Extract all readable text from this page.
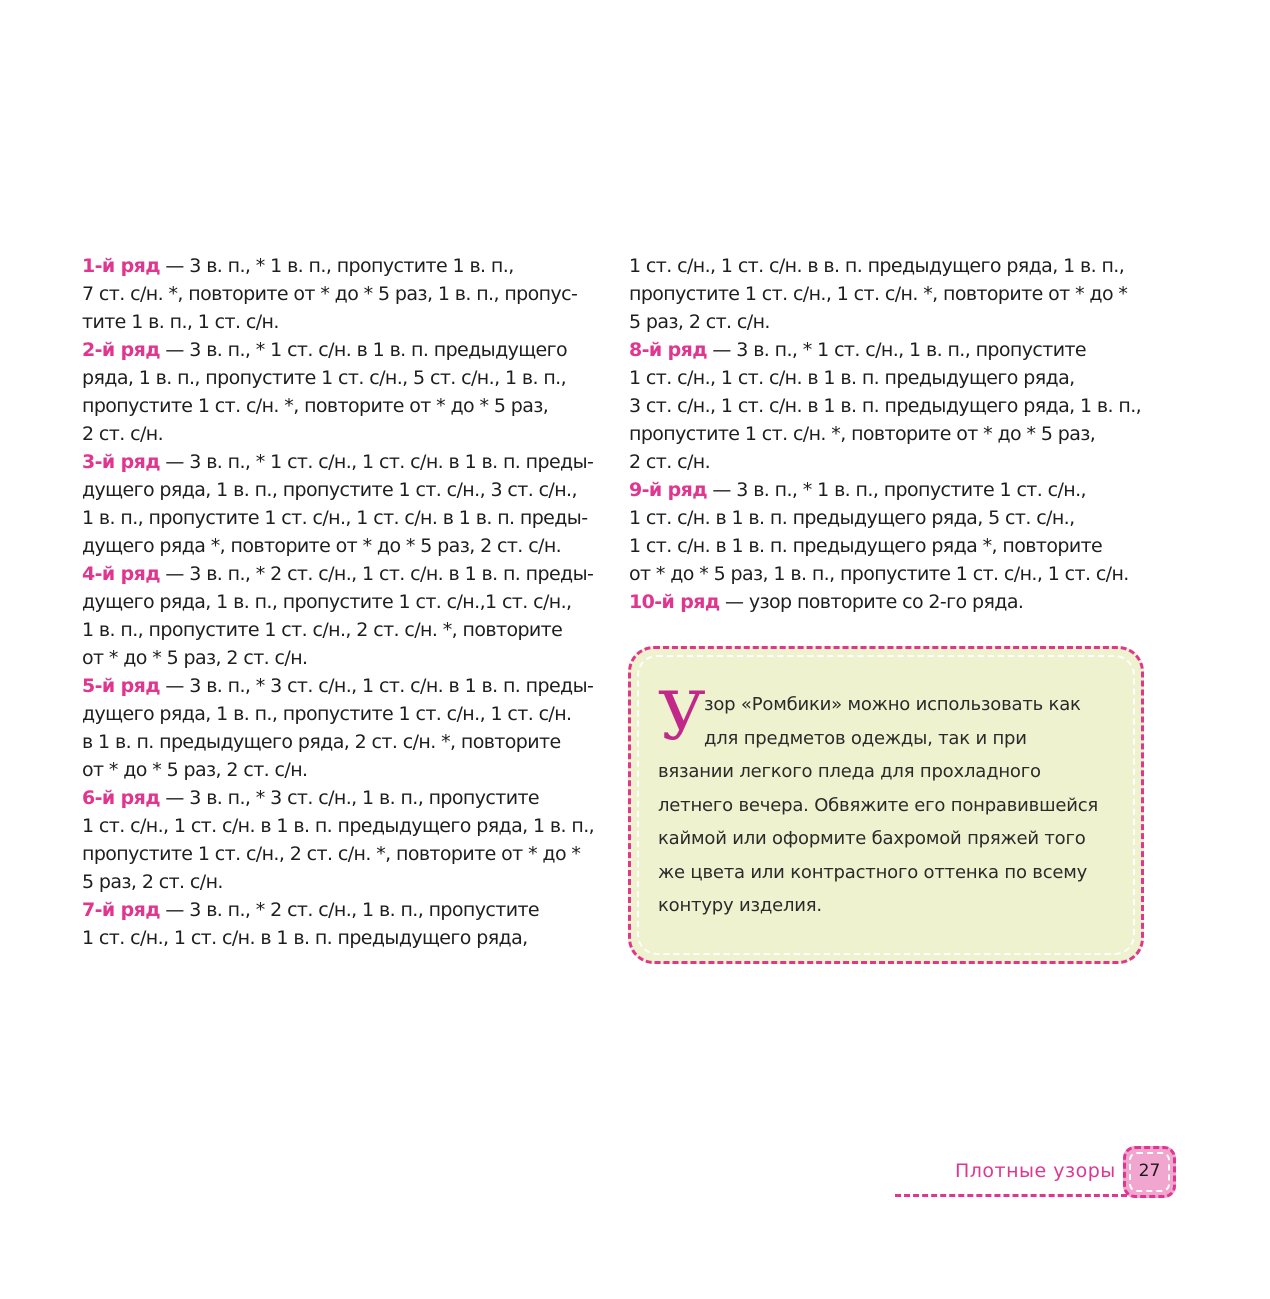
1-й ряд — 3 в. п., * 1 в. п., пропустите 1 в. п.,
7 ст. с/н. *, повторите от * до * 5 раз, 1 в. п., пропус-
тите 1 в. п., 1 ст. с/н.
2-й ряд — 3 в. п., * 1 ст. с/н. в 1 в. п. предыдущего
ряда, 1 в. п., пропустите 1 ст. с/н., 5 ст. с/н., 1 в. п.,
пропустите 1 ст. с/н. *, повторите от * до * 5 раз,
2 ст. с/н.
3-й ряд — 3 в. п., * 1 ст. с/н., 1 ст. с/н. в 1 в. п. преды-
дущего ряда, 1 в. п., пропустите 1 ст. с/н., 3 ст. с/н.,
1 в. п., пропустите 1 ст. с/н., 1 ст. с/н. в 1 в. п. преды-
дущего ряда *, повторите от * до * 5 раз, 2 ст. с/н.
4-й ряд — 3 в. п., * 2 ст. с/н., 1 ст. с/н. в 1 в. п. преды-
дущего ряда, 1 в. п., пропустите 1 ст. с/н.,1 ст. с/н.,
1 в. п., пропустите 1 ст. с/н., 2 ст. с/н. *, повторите
от * до * 5 раз, 2 ст. с/н.
5-й ряд — 3 в. п., * 3 ст. с/н., 1 ст. с/н. в 1 в. п. преды-
дущего ряда, 1 в. п., пропустите 1 ст. с/н., 1 ст. с/н.
в 1 в. п. предыдущего ряда, 2 ст. с/н. *, повторите
от * до * 5 раз, 2 ст. с/н.
6-й ряд — 3 в. п., * 3 ст. с/н., 1 в. п., пропустите
1 ст. с/н., 1 ст. с/н. в 1 в. п. предыдущего ряда, 1 в. п.,
пропустите 1 ст. с/н., 2 ст. с/н. *, повторите от * до *
5 раз, 2 ст. с/н.
7-й ряд — 3 в. п., * 2 ст. с/н., 1 в. п., пропустите
1 ст. с/н., 1 ст. с/н. в 1 в. п. предыдущего ряда,
1 ст. с/н., 1 ст. с/н. в в. п. предыдущего ряда, 1 в. п.,
пропустите 1 ст. с/н., 1 ст. с/н. *, повторите от * до *
5 раз, 2 ст. с/н.
8-й ряд — 3 в. п., * 1 ст. с/н., 1 в. п., пропустите
1 ст. с/н., 1 ст. с/н. в 1 в. п. предыдущего ряда,
3 ст. с/н., 1 ст. с/н. в 1 в. п. предыдущего ряда, 1 в. п.,
пропустите 1 ст. с/н. *, повторите от * до * 5 раз,
2 ст. с/н.
9-й ряд — 3 в. п., * 1 в. п., пропустите 1 ст. с/н.,
1 ст. с/н. в 1 в. п. предыдущего ряда, 5 ст. с/н.,
1 ст. с/н. в 1 в. п. предыдущего ряда *, повторите
от * до * 5 раз, 1 в. п., пропустите 1 ст. с/н., 1 ст. с/н.
10-й ряд — узор повторите со 2-го ряда.
У
зор «Ромбики» можно использовать как
для предметов одежды, так и при
вязании легкого пледа для прохладного
летнего вечера. Обвяжите его понравившейся
каймой или оформите бахромой пряжей того
же цвета или контрастного оттенка по всему
контуру изделия.
Плотные узоры	27
